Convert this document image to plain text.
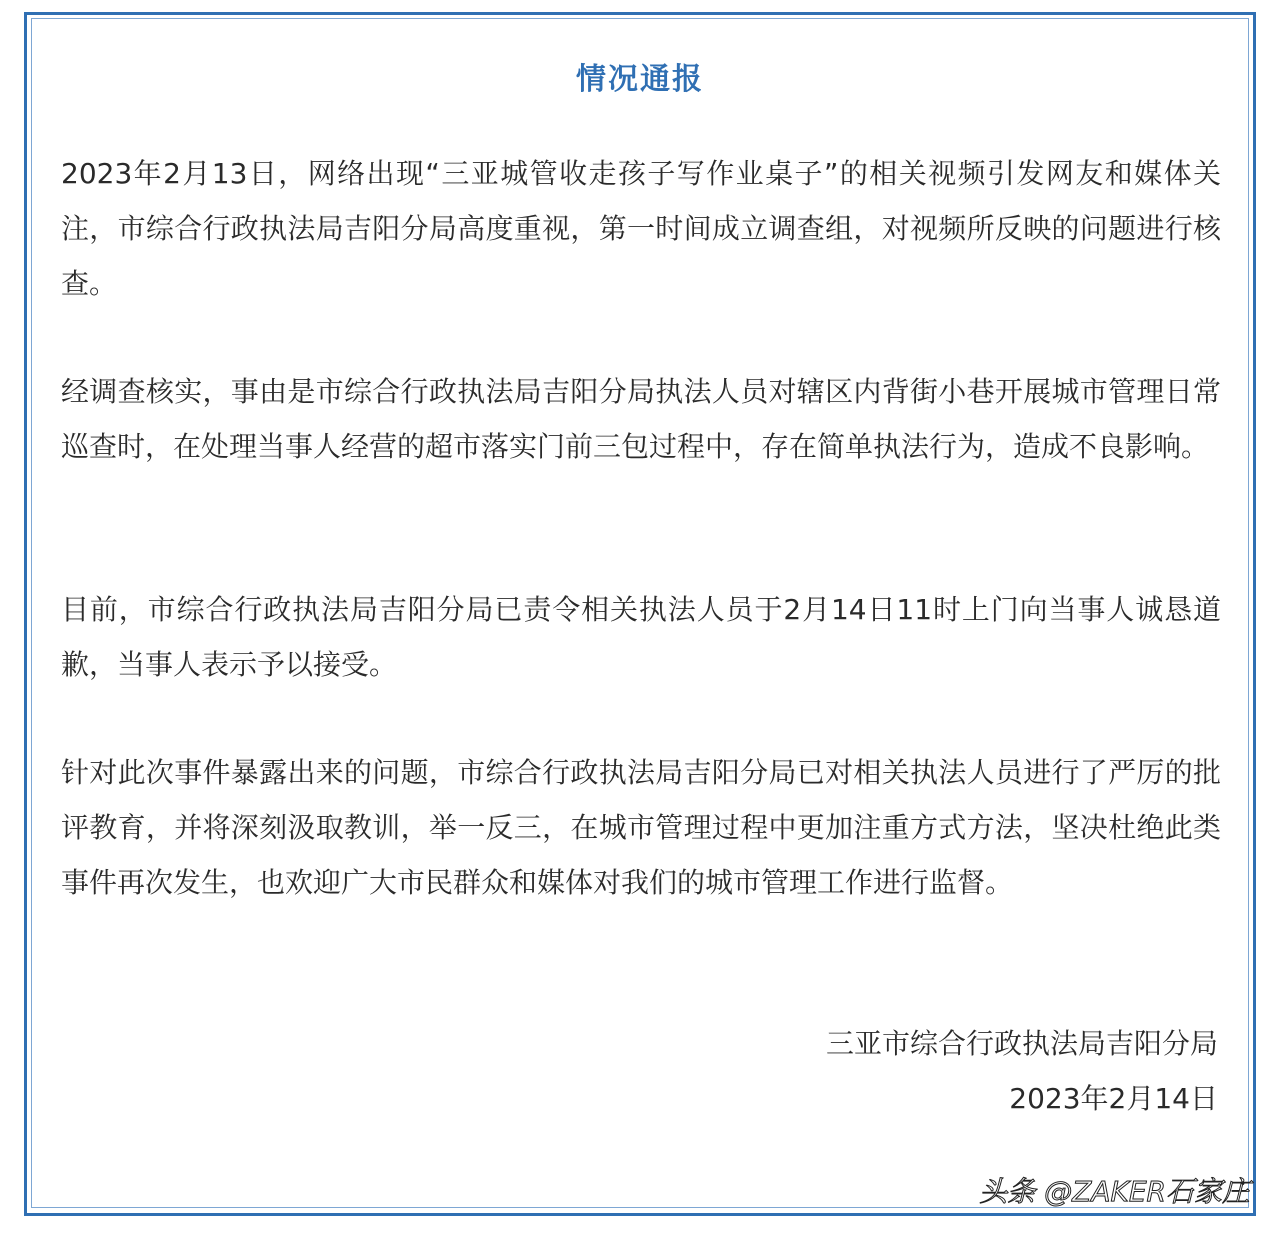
情况通报

2023年2月13日，网络出现“三亚城管收走孩子写作业桌子”的相关视频引发网友和媒体关注，市综合行政执法局吉阳分局高度重视，第一时间成立调查组，对视频所反映的问题进行核查。

经调查核实，事由是市综合行政执法局吉阳分局执法人员对辖区内背街小巷开展城市管理日常巡查时，在处理当事人经营的超市落实门前三包过程中，存在简单执法行为，造成不良影响。

目前，市综合行政执法局吉阳分局已责令相关执法人员于2月14日11时上门向当事人诚恳道歉，当事人表示予以接受。

针对此次事件暴露出来的问题，市综合行政执法局吉阳分局已对相关执法人员进行了严厉的批评教育，并将深刻汲取教训，举一反三，在城市管理过程中更加注重方式方法，坚决杜绝此类事件再次发生，也欢迎广大市民群众和媒体对我们的城市管理工作进行监督。

三亚市综合行政执法局吉阳分局
2023年2月14日
头条 @ZAKER石家庄
